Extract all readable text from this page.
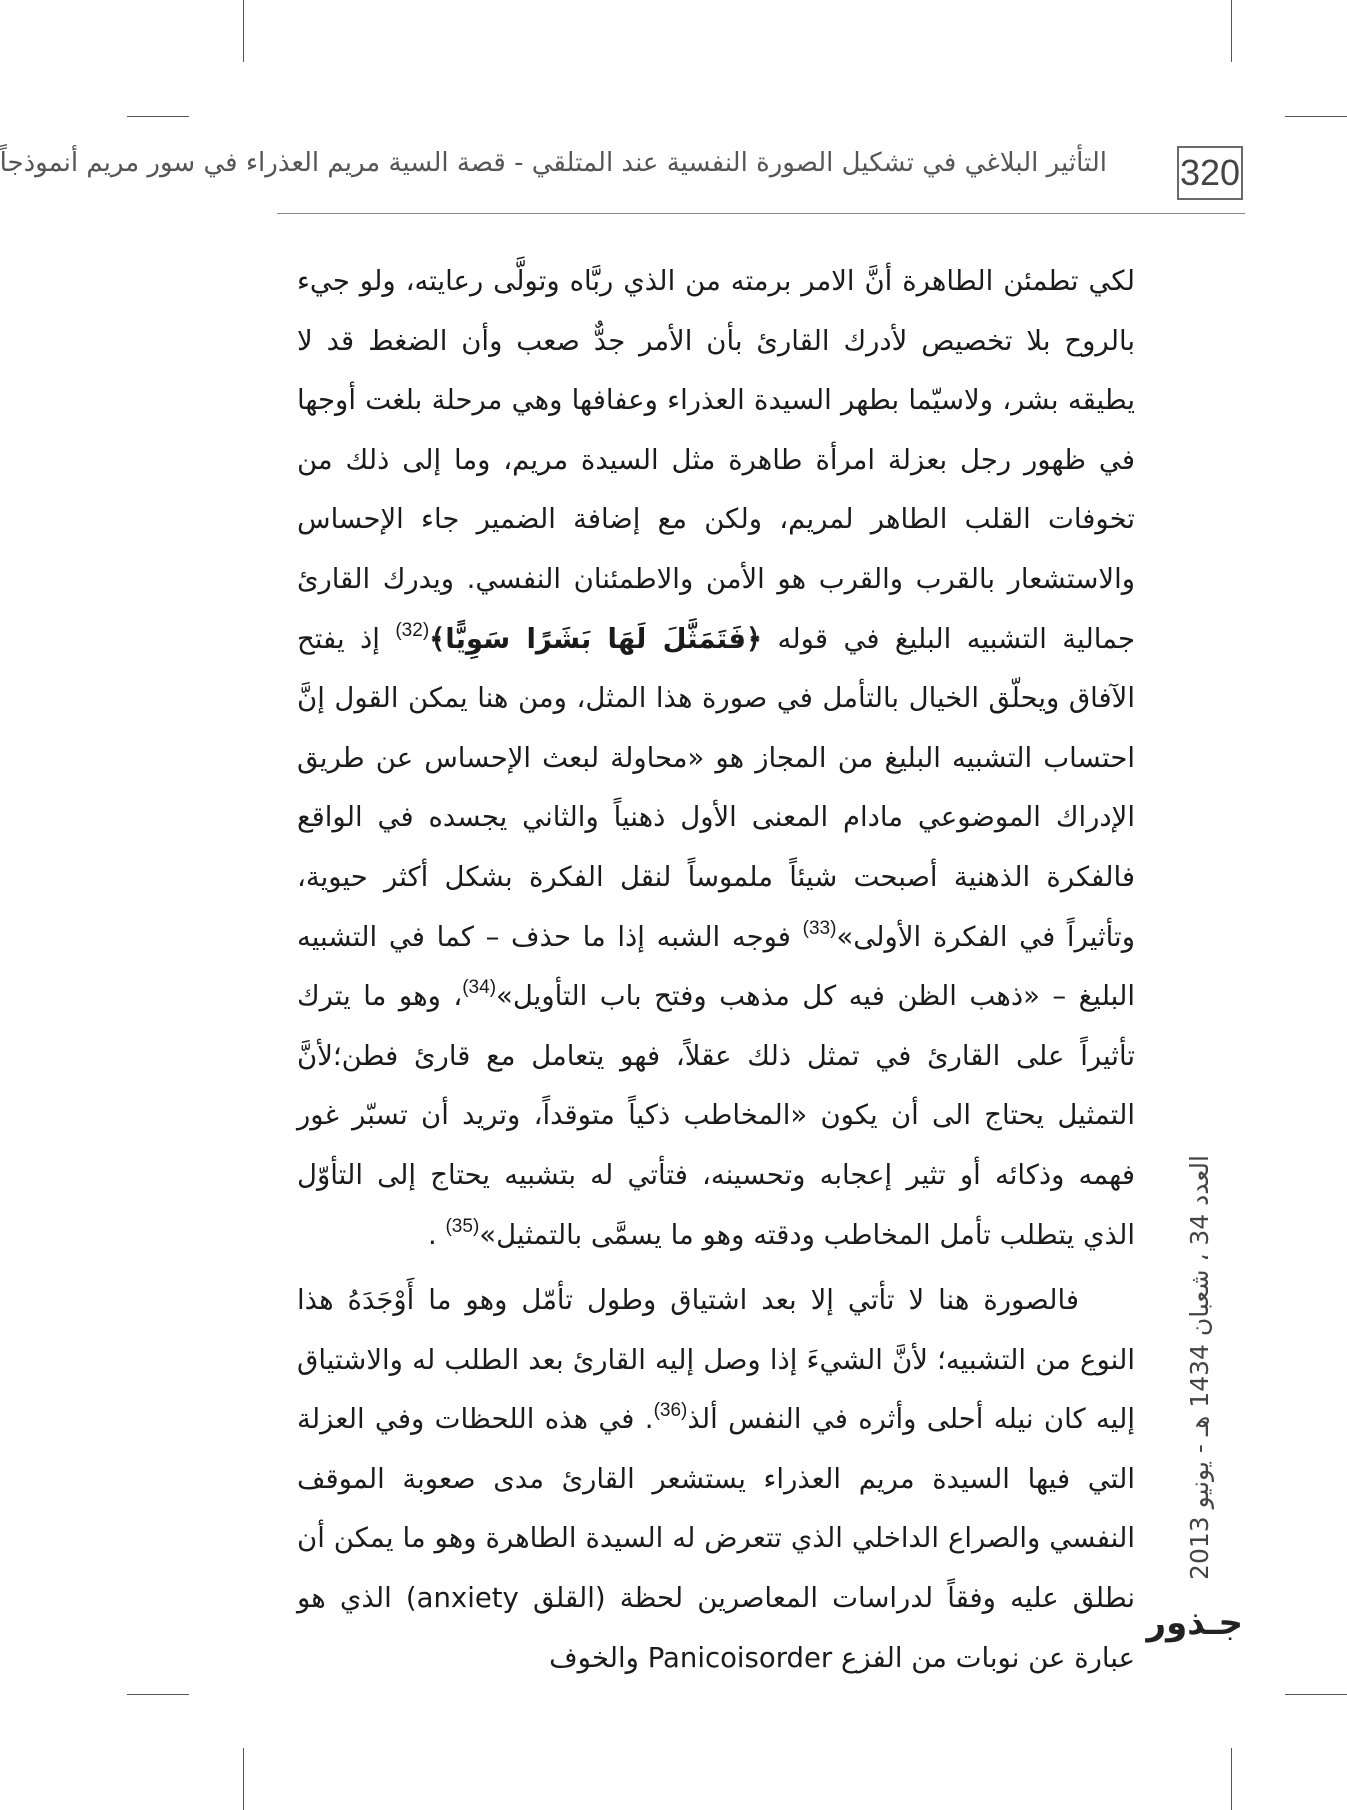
320
التأثير البلاغي في تشكيل الصورة النفسية عند المتلقي - قصة السية مريم العذراء في سور مريم أنموذجاً

لكي تطمئن الطاهرة أنَّ الامر برمته من الذي ربَّاه وتولَّى رعايته، ولو جيء بالروح بلا تخصيص لأدرك القارئ بأن الأمر جدٌّ صعب وأن الضغط قد لا يطيقه بشر، ولاسيّما بطهر السيدة العذراء وعفافها وهي مرحلة بلغت أوجها في ظهور رجل بعزلة امرأة طاهرة مثل السيدة مريم، وما إلى ذلك من تخوفات القلب الطاهر لمريم، ولكن مع إضافة الضمير جاء الإحساس والاستشعار بالقرب والقرب هو الأمن والاطمئنان النفسي. ويدرك القارئ جمالية التشبيه البليغ في قوله ﴿فَتَمَثَّلَ لَهَا بَشَرًا سَوِيًّا﴾$^{(32)}$ إذ يفتح الآفاق ويحلّق الخيال بالتأمل في صورة هذا المثل، ومن هنا يمكن القول إنَّ احتساب التشبيه البليغ من المجاز هو «محاولة لبعث الإحساس عن طريق الإدراك الموضوعي مادام المعنى الأول ذهنياً والثاني يجسده في الواقع فالفكرة الذهنية أصبحت شيئاً ملموساً لنقل الفكرة بشكل أكثر حيوية، وتأثيراً في الفكرة الأولى»$^{(33)}$ فوجه الشبه إذا ما حذف – كما في التشبيه البليغ – «ذهب الظن فيه كل مذهب وفتح باب التأويل»$^{(34)}$، وهو ما يترك تأثيراً على القارئ في تمثل ذلك عقلاً، فهو يتعامل مع قارئ فطن؛لأنَّ التمثيل يحتاج الى أن يكون «المخاطب ذكياً متوقداً، وتريد أن تسبّر غور فهمه وذكائه أو تثير إعجابه وتحسينه، فتأتي له بتشبيه يحتاج إلى التأوّل الذي يتطلب تأمل المخاطب ودقته وهو ما يسمَّى بالتمثيل»$^{(35)}$ .

فالصورة هنا لا تأتي إلا بعد اشتياق وطول تأمّل وهو ما أَوْجَدَهُ هذا النوع من التشبيه؛ لأنَّ الشيءَ إذا وصل إليه القارئ بعد الطلب له والاشتياق إليه كان نيله أحلى وأثره في النفس ألذ$^{(36)}$. في هذه اللحظات وفي العزلة التي فيها السيدة مريم العذراء يستشعر القارئ مدى صعوبة الموقف النفسي والصراع الداخلي الذي تتعرض له السيدة الطاهرة وهو ما يمكن أن نطلق عليه وفقاً لدراسات المعاصرين لحظة (القلق anxiety) الذي هو عبارة عن نوبات من الفزع Panicoisorder والخوف

العدد 34 ، شعبان 1434 هـ - يونيو 2013
جـذور
